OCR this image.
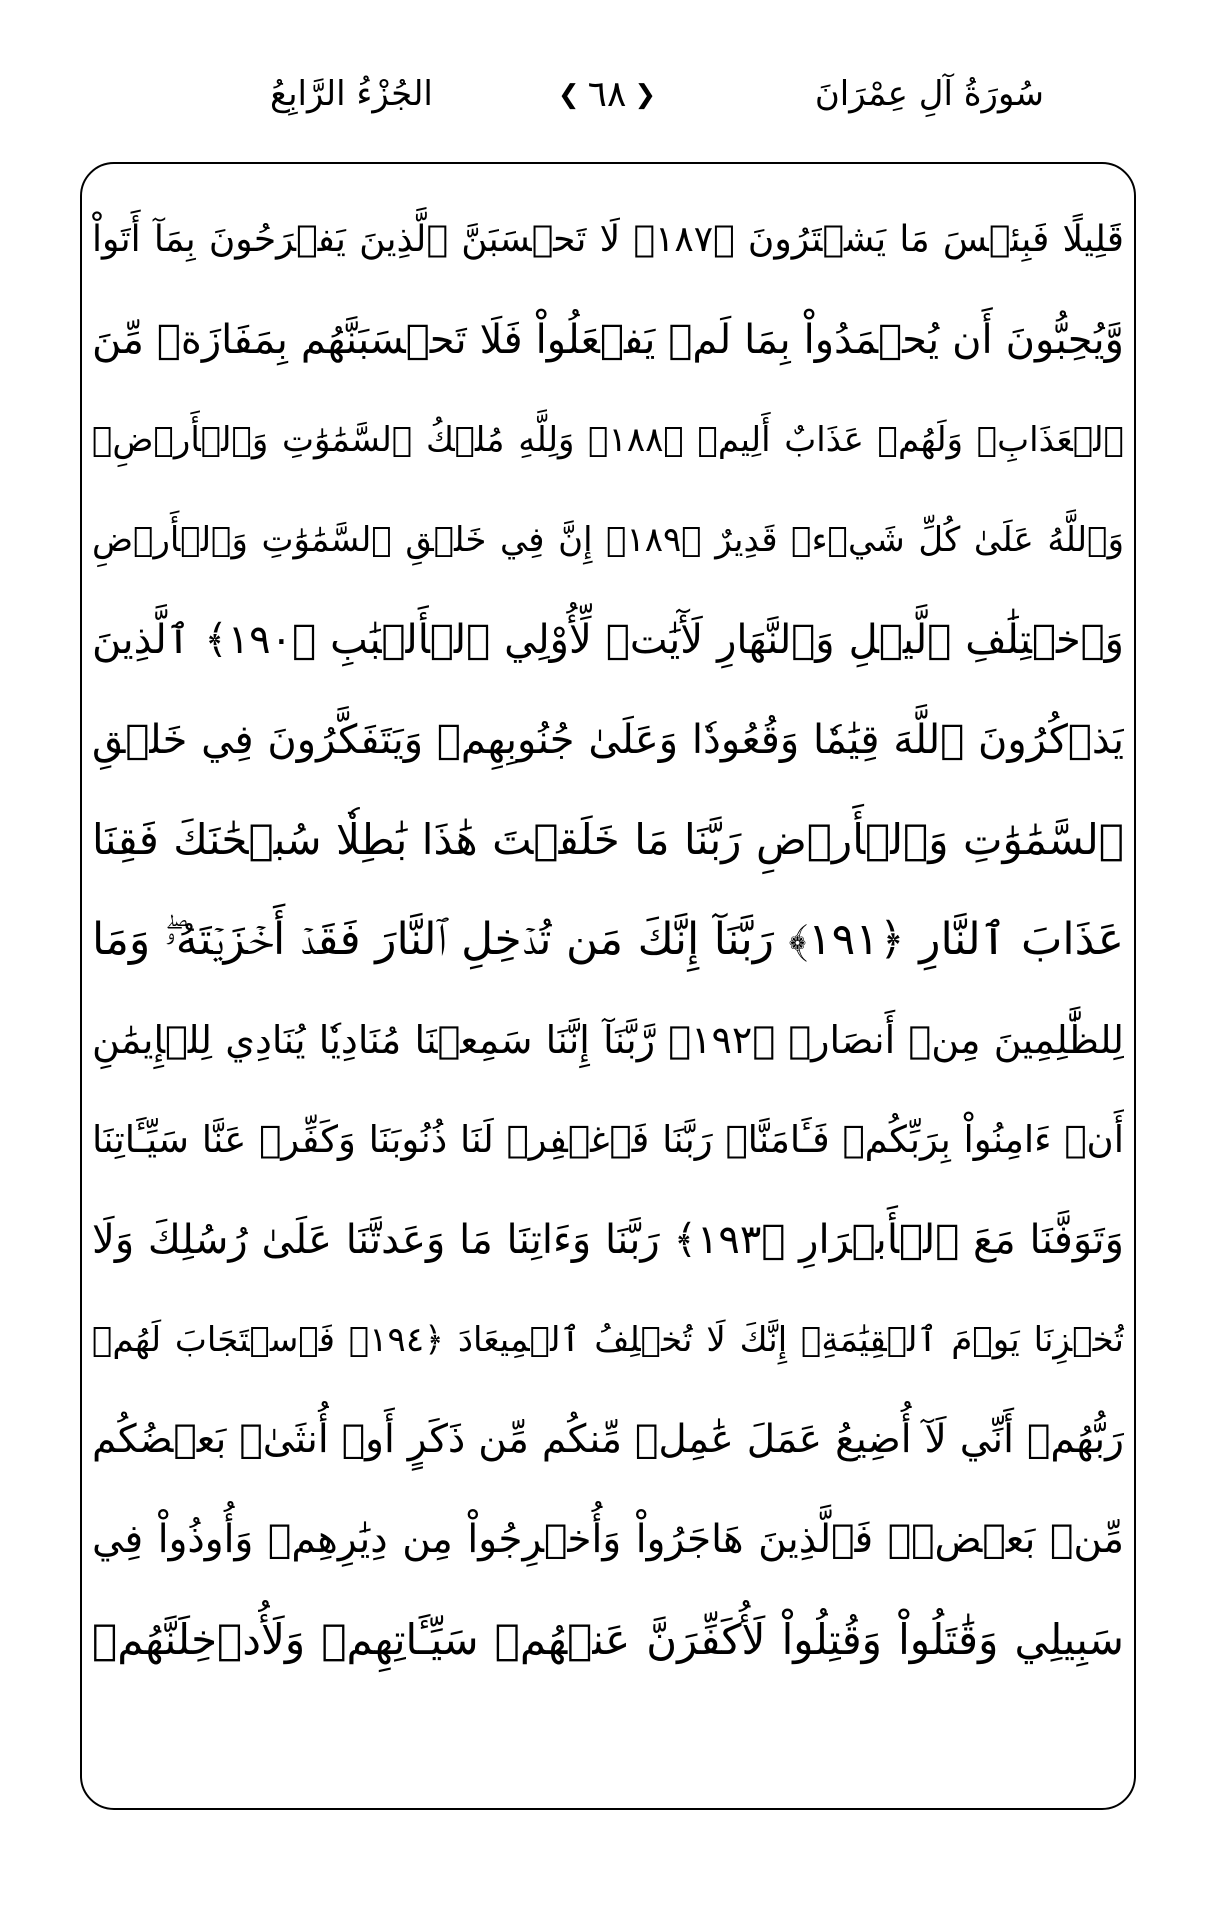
سُورَةُ آلِ عِمْرَانَ
❮
٦٨
❯
الجُزْءُ الرَّابِعُ
قَلِيلًا فَبِئۡسَ مَا يَشۡتَرُونَ ﴿١٨٧﴾ لَا تَحۡسَبَنَّ ٱلَّذِينَ يَفۡرَحُونَ بِمَآ أَتَواْ
وَّيُحِبُّونَ أَن يُحۡمَدُواْ بِمَا لَمۡ يَفۡعَلُواْ فَلَا تَحۡسَبَنَّهُم بِمَفَازَةٖ مِّنَ
ٱلۡعَذَابِۖ وَلَهُمۡ عَذَابٌ أَلِيمٞ ﴿١٨٨﴾ وَلِلَّهِ مُلۡكُ ٱلسَّمَٰوَٰتِ وَٱلۡأَرۡضِۗ
وَٱللَّهُ عَلَىٰ كُلِّ شَيۡءٖ قَدِيرٌ ﴿١٨٩﴾ إِنَّ فِي خَلۡقِ ٱلسَّمَٰوَٰتِ وَٱلۡأَرۡضِ
وَٱخۡتِلَٰفِ ٱلَّيۡلِ وَٱلنَّهَارِ لَأٓيَٰتٖ لِّأُوْلِي ٱلۡأَلۡبَٰبِ ﴿١٩٠﴾ ٱلَّذِينَ
يَذۡكُرُونَ ٱللَّهَ قِيَٰمٗا وَقُعُودٗا وَعَلَىٰ جُنُوبِهِمۡ وَيَتَفَكَّرُونَ فِي خَلۡقِ
ٱلسَّمَٰوَٰتِ وَٱلۡأَرۡضِ رَبَّنَا مَا خَلَقۡتَ هَٰذَا بَٰطِلٗا سُبۡحَٰنَكَ فَقِنَا
عَذَابَ ٱلنَّارِ ﴿١٩١﴾ رَبَّنَآ إِنَّكَ مَن تُدۡخِلِ ٱلنَّارَ فَقَدۡ أَخۡزَيۡتَهُۥۖ وَمَا
لِلظَّٰلِمِينَ مِنۡ أَنصَارٖ ﴿١٩٢﴾ رَّبَّنَآ إِنَّنَا سَمِعۡنَا مُنَادِيٗا يُنَادِي لِلۡإِيمَٰنِ
أَنۡ ءَامِنُواْ بِرَبِّكُمۡ فَـَٔامَنَّاۚ رَبَّنَا فَٱغۡفِرۡ لَنَا ذُنُوبَنَا وَكَفِّرۡ عَنَّا سَيِّـَٔاتِنَا
وَتَوَفَّنَا مَعَ ٱلۡأَبۡرَارِ ﴿١٩٣﴾ رَبَّنَا وَءَاتِنَا مَا وَعَدتَّنَا عَلَىٰ رُسُلِكَ وَلَا
تُخۡزِنَا يَوۡمَ ٱلۡقِيَٰمَةِۖ إِنَّكَ لَا تُخۡلِفُ ٱلۡمِيعَادَ ﴿١٩٤﴾ فَٱسۡتَجَابَ لَهُمۡ
رَبُّهُمۡ أَنِّي لَآ أُضِيعُ عَمَلَ عَٰمِلٖ مِّنكُم مِّن ذَكَرٍ أَوۡ أُنثَىٰۖ بَعۡضُكُم
مِّنۢ بَعۡضٖۖ فَٱلَّذِينَ هَاجَرُواْ وَأُخۡرِجُواْ مِن دِيَٰرِهِمۡ وَأُوذُواْ فِي
سَبِيلِي وَقَٰتَلُواْ وَقُتِلُواْ لَأُكَفِّرَنَّ عَنۡهُمۡ سَيِّـَٔاتِهِمۡ وَلَأُدۡخِلَنَّهُمۡ
